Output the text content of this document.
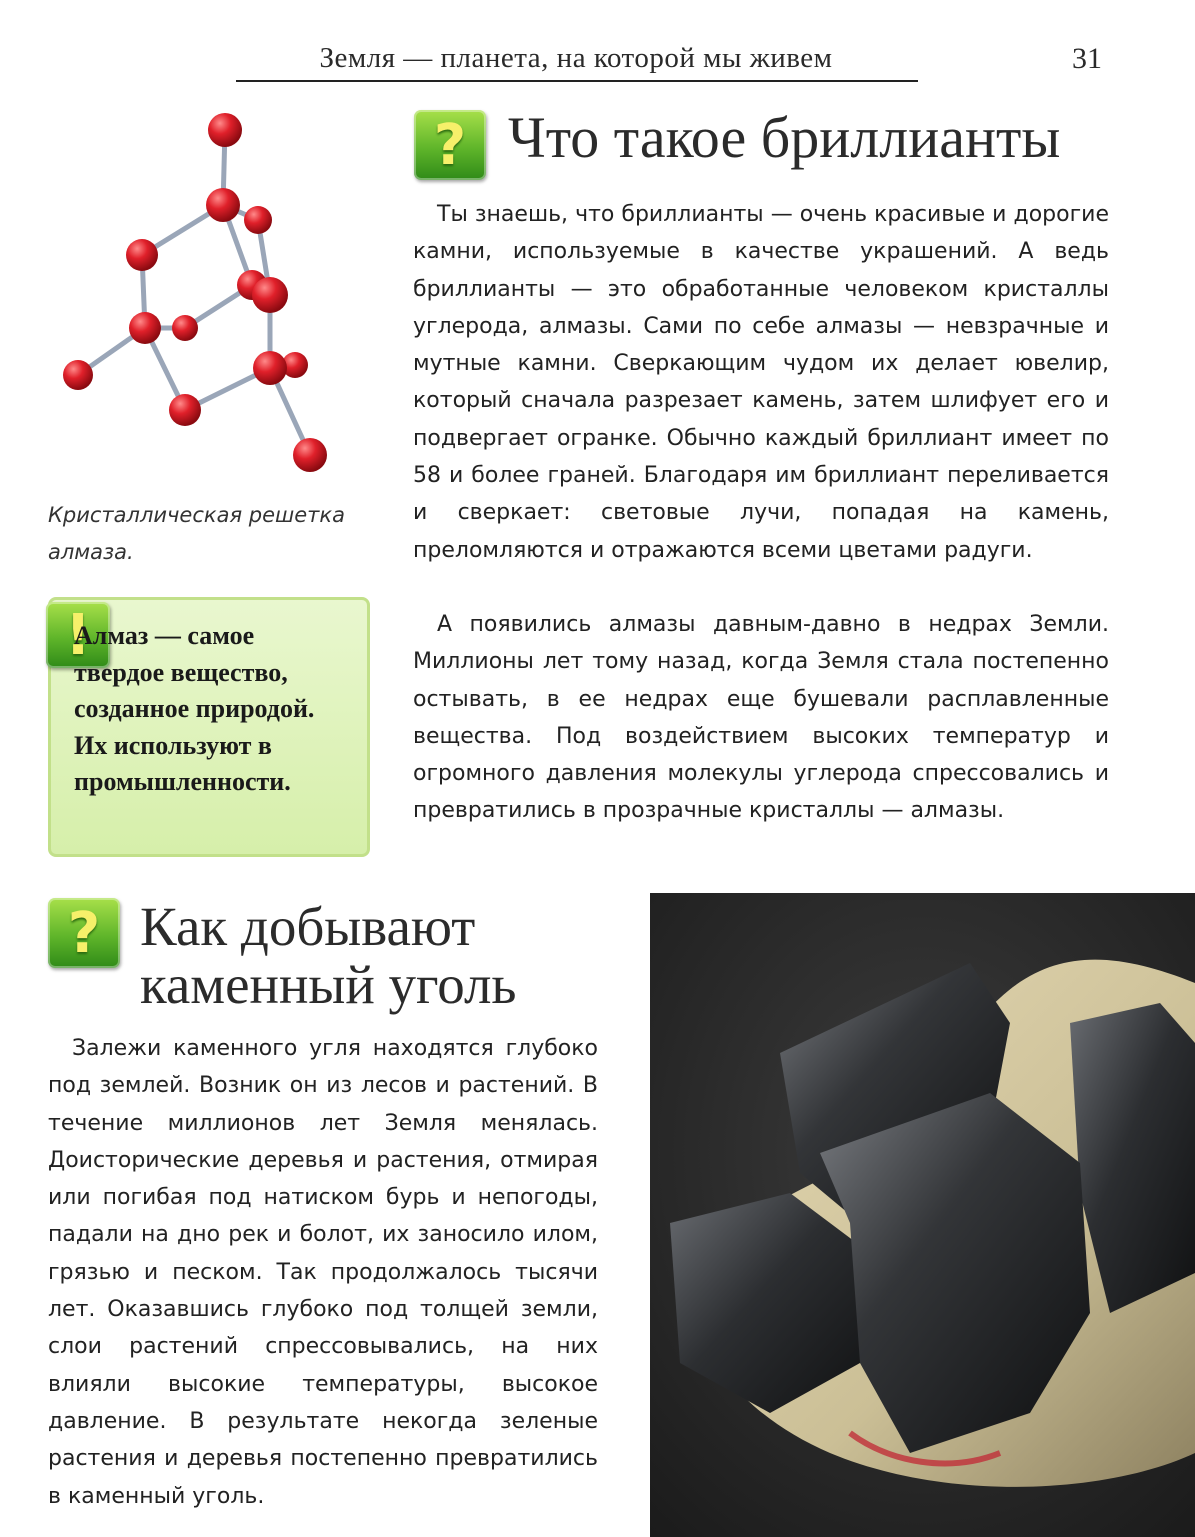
Земля — планета, на которой мы живем	31

Кристаллическая решетка алмаза.

? Что такое бриллианты

Ты знаешь, что бриллианты — очень красивые и дорогие камни, используемые в качестве украшений. А ведь бриллианты — это обработанные человеком кристаллы углерода, алмазы. Сами по себе алмазы — невзрачные и мутные камни. Сверкающим чудом их делает ювелир, который сначала разрезает камень, затем шлифует его и подвергает огранке. Обычно каждый бриллиант имеет по 58 и более граней. Благодаря им бриллиант переливается и сверкает: световые лучи, попадая на камень, преломляются и отражаются всеми цветами радуги.

А появились алмазы давным-давно в недрах Земли. Миллионы лет тому назад, когда Земля стала постепенно остывать, в ее недрах еще бушевали расплавленные вещества. Под воздействием высоких температур и огромного давления молекулы углерода спрессовались и превратились в прозрачные кристаллы — алмазы.

!

Алмаз — самое твердое вещество, созданное природой. Их используют в промышленности.

? Как добывают
каменный уголь

Залежи каменного угля находятся глубоко под землей. Возник он из лесов и растений. В течение миллионов лет Земля менялась. Доисторические деревья и растения, отмирая или погибая под натиском бурь и непогоды, падали на дно рек и болот, их заносило илом, грязью и песком. Так продолжалось тысячи лет. Оказавшись глубоко под толщей земли, слои растений спрессовывались, на них влияли высокие температуры, высокое давление. В результате некогда зеленые растения и деревья постепенно превратились в каменный уголь.
